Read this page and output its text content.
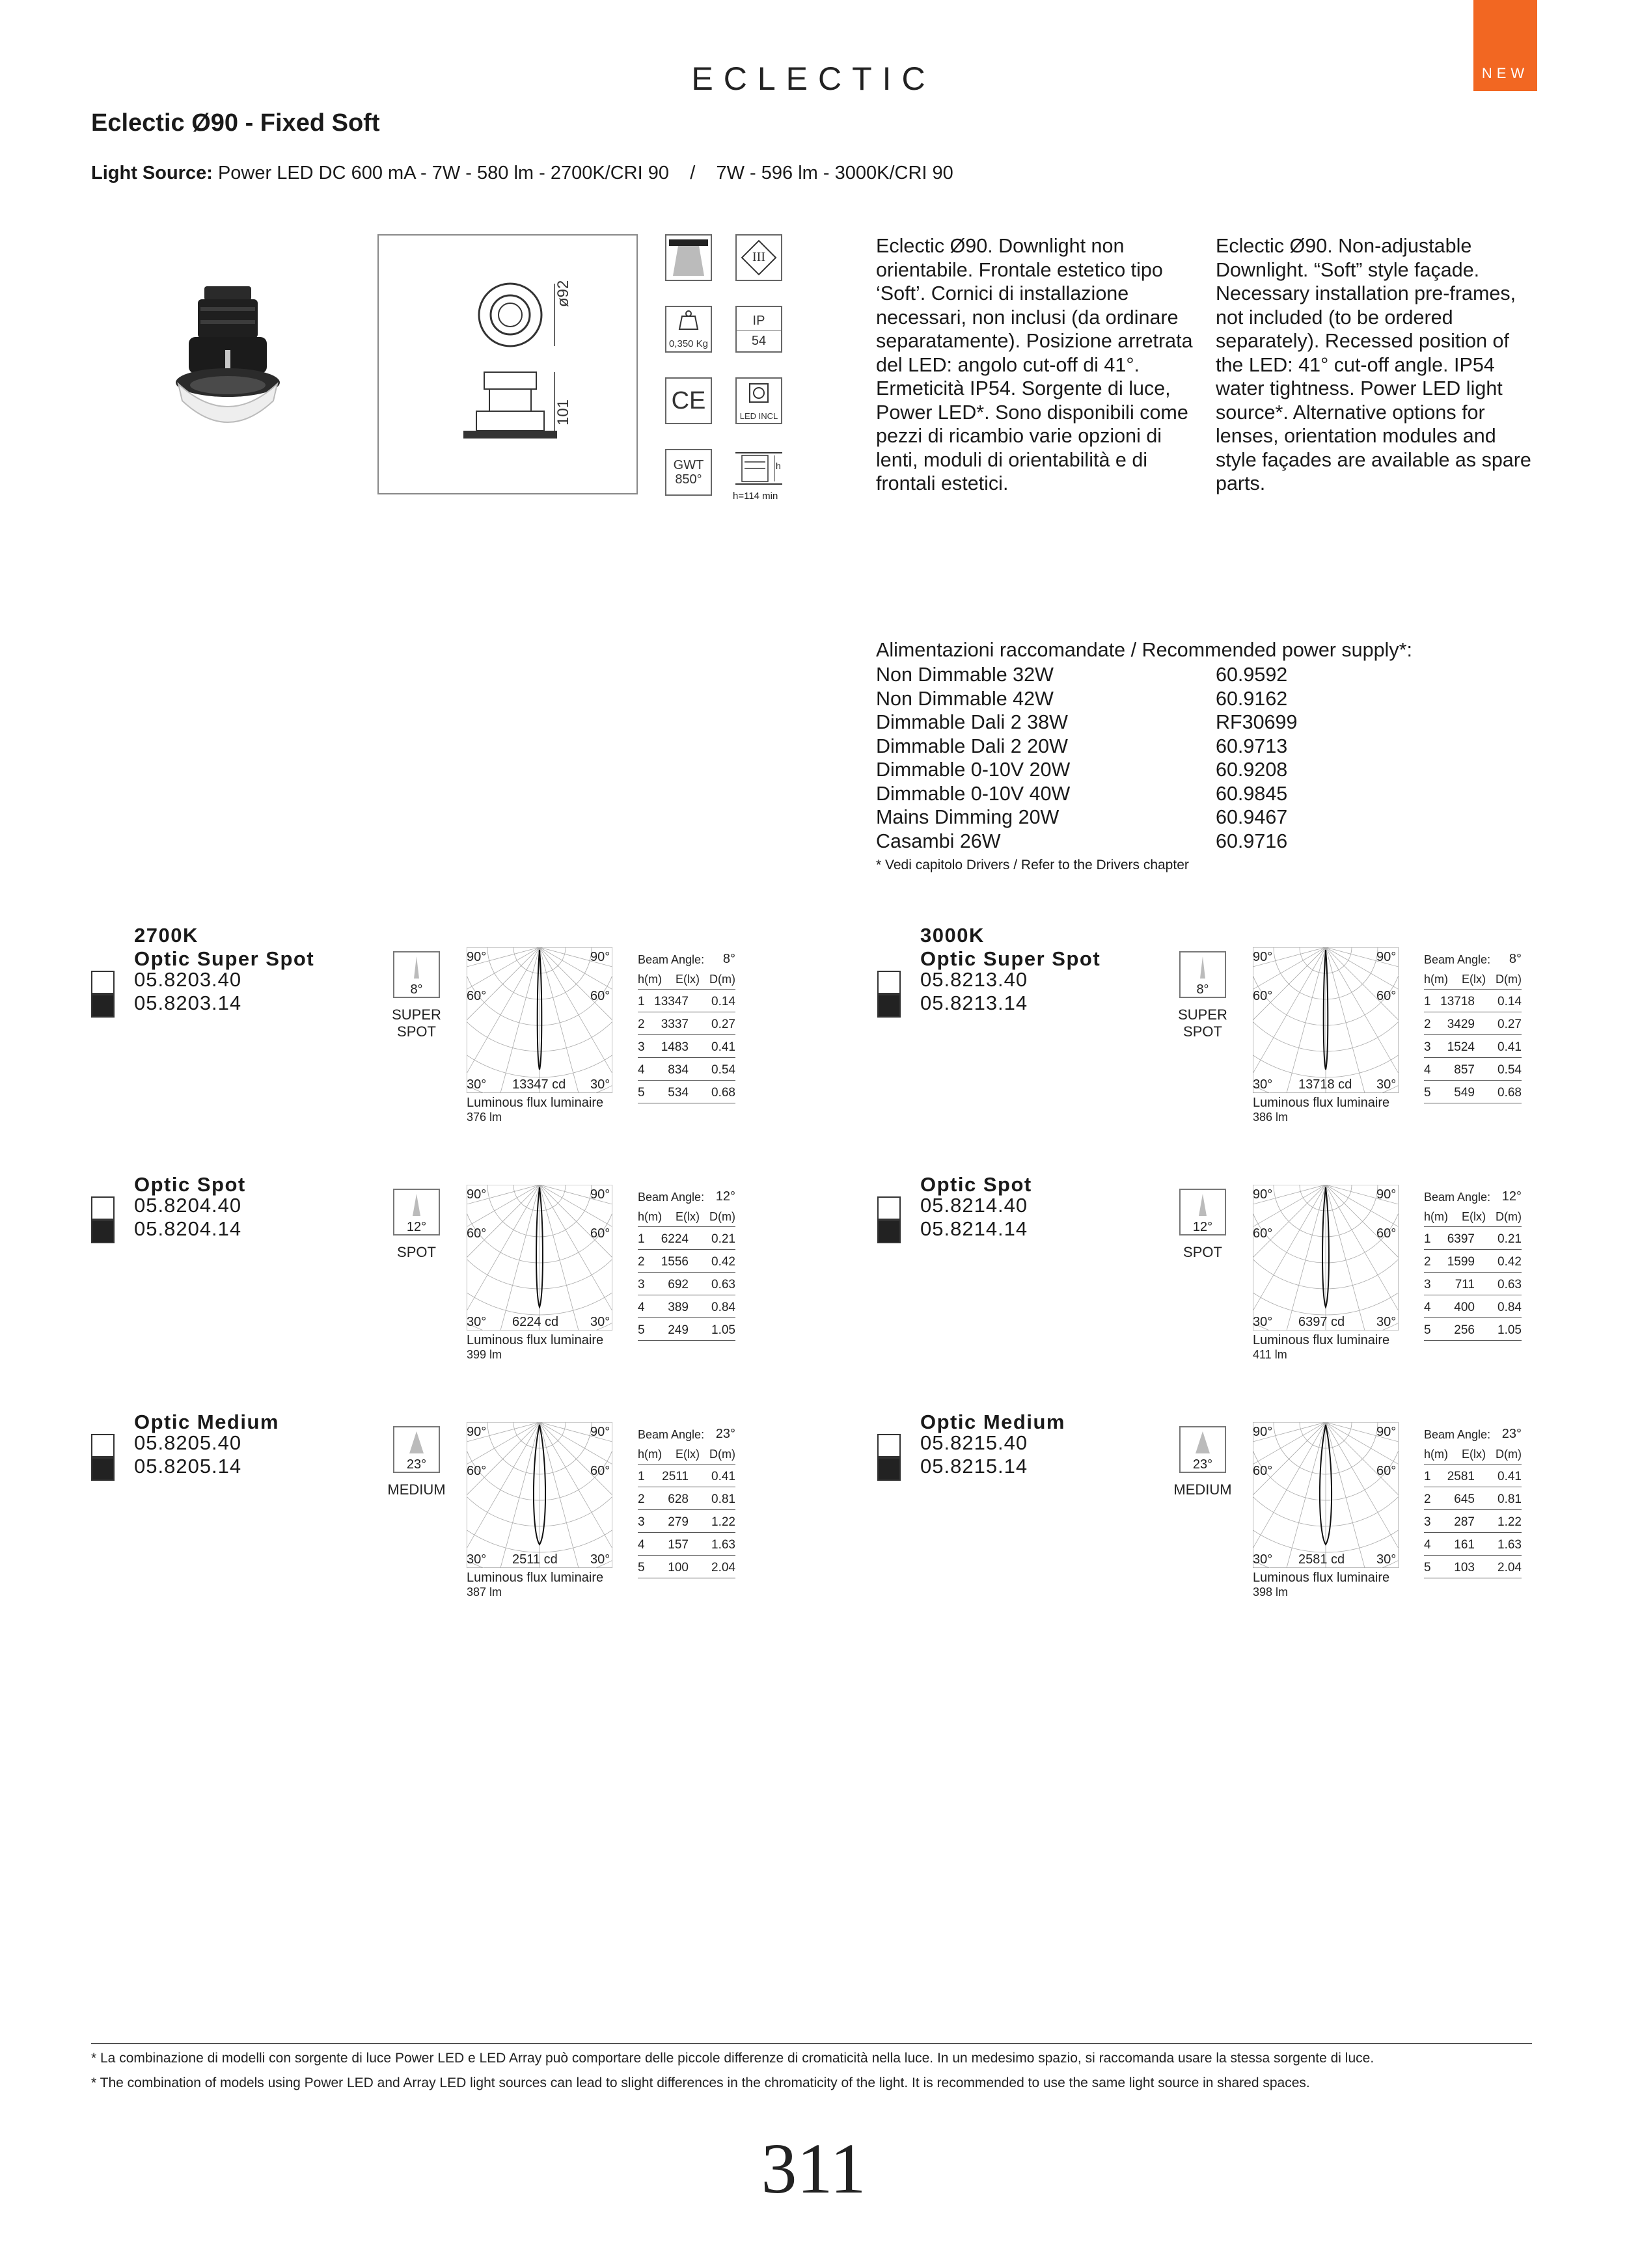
ECLECTIC	NEW
Eclectic Ø90 - Fixed Soft
Light Source: Power LED DC 600 mA - 7W - 580 lm - 2700K/CRI 90    /    7W - 596 lm - 3000K/CRI 90
ø92
101
0,350 Kg
CE
GWT
850°
III
IP
54
LED INCL
h
h=114 min
Eclectic Ø90. Downlight non orientabile. Frontale estetico tipo ‘Soft’. Cornici di installazione necessari, non inclusi (da ordinare separatamente). Posizione arretrata del LED: angolo cut-off di 41°. Ermeticità IP54. Sorgente di luce, Power LED*. Sono disponibili come pezzi di ricambio varie opzioni di lenti, moduli di orientabilità e di frontali estetici.
Eclectic Ø90. Non-adjustable Downlight. “Soft” style façade. Necessary installation pre-frames, not included (to be ordered separately). Recessed position of the LED: 41° cut-off angle. IP54 water tightness. Power LED light source*. Alternative options for lenses, orientation modules and style façades are available as spare parts.
Alimentazioni raccomandate / Recommended power supply*:
Non Dimmable 32W	60.9592
Non Dimmable 42W	60.9162
Dimmable Dali 2 38W	RF30699
Dimmable Dali 2 20W	60.9713
Dimmable 0-10V 20W	60.9208
Dimmable 0-10V 40W	60.9845
Mains Dimming 20W	60.9467
Casambi 26W	60.9716
* Vedi capitolo Drivers / Refer to the Drivers chapter
2700K
Optic Super Spot
05.8203.40
05.8203.14
8°
SUPER
SPOT
90°	90°
60°	60°
30°	30°
13347 cd
Luminous flux luminaire
376 lm
Beam Angle: 8°
h(m) E(lx) D(m)
1 13347 0.14
2 3337 0.27
3 1483 0.41
4 834 0.54
5 534 0.68
Optic Spot
05.8204.40
05.8204.14	12°
SPOT
90°	90°
60°	60°
30°	30°
6224 cd
Luminous flux luminaire
399 lm
Beam Angle: 12°
h(m) E(lx) D(m)
1 6224 0.21
2 1556 0.42
3 692 0.63
4 389 0.84
5 249 1.05
Optic Medium
05.8205.40
05.8205.14	23°
MEDIUM
90°	90°
60°	60°
30°	30°
2511 cd
Luminous flux luminaire
387 lm
Beam Angle: 23°
h(m) E(lx) D(m)
1 2511 0.41
2 628 0.81
3 279 1.22
4 157 1.63
5 100 2.04
3000K
Optic Super Spot
05.8213.40
05.8213.14
8°
SUPER
SPOT
90°	90°
60°	60°
30°	30°
13718 cd
Luminous flux luminaire
386 lm
Beam Angle: 8°
h(m) E(lx) D(m)
1 13718 0.14
2 3429 0.27
3 1524 0.41
4 857 0.54
5 549 0.68
Optic Spot
05.8214.40
05.8214.14	12°
SPOT
90°	90°
60°	60°
30°	30°
6397 cd
Luminous flux luminaire
411 lm
Beam Angle: 12°
h(m) E(lx) D(m)
1 6397 0.21
2 1599 0.42
3 711 0.63
4 400 0.84
5 256 1.05
Optic Medium
05.8215.40
05.8215.14	23°
MEDIUM
90°	90°
60°	60°
30°	30°
2581 cd
Luminous flux luminaire
398 lm
Beam Angle: 23°
h(m) E(lx) D(m)
1 2581 0.41
2 645 0.81
3 287 1.22
4 161 1.63
5 103 2.04
* La combinazione di modelli con sorgente di luce Power LED e LED Array può comportare delle piccole differenze di cromaticità nella luce. In un medesimo spazio, si raccomanda usare la stessa sorgente di luce.
* The combination of models using Power LED and Array LED light sources can lead to slight differences in the chromaticity of the light. It is recommended to use the same light source in shared spaces.
311
